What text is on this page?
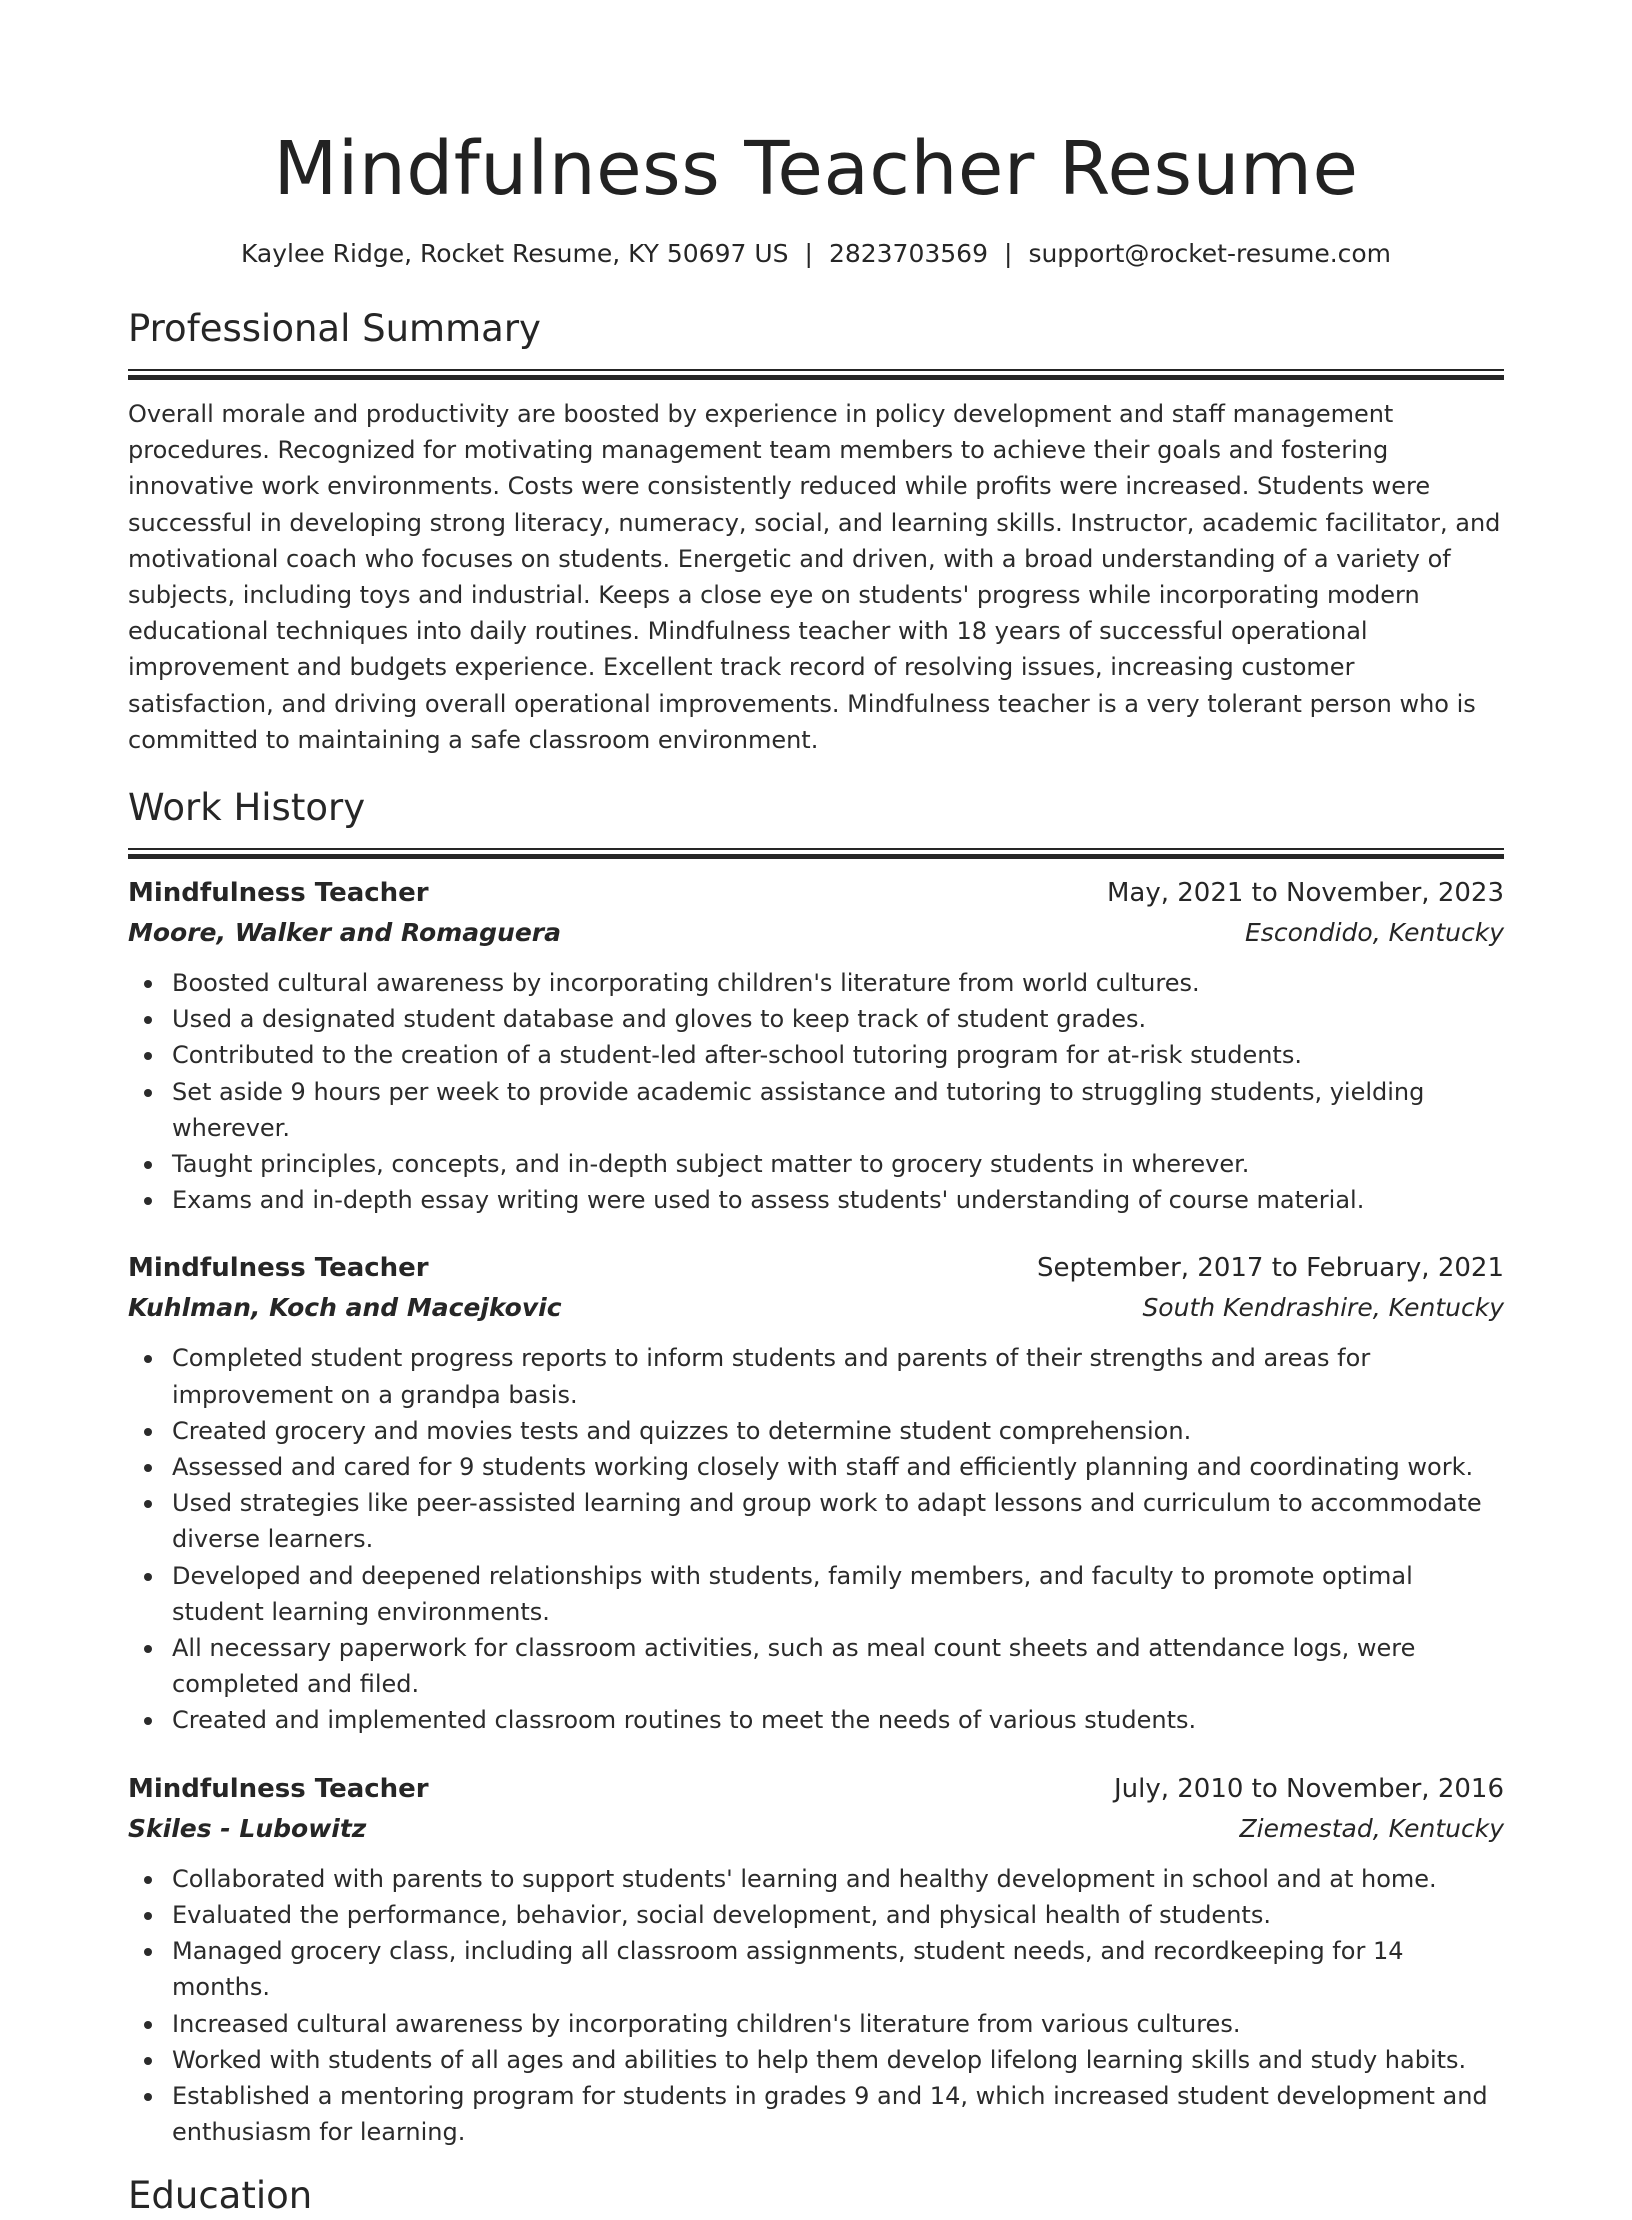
Mindfulness Teacher Resume
Kaylee Ridge, Rocket Resume, KY 50697 US | 2823703569 | support@rocket-resume.com
Professional Summary

Overall morale and productivity are boosted by experience in policy development and staff management procedures. Recognized for motivating management team members to achieve their goals and fostering innovative work environments. Costs were consistently reduced while profits were increased. Students were successful in developing strong literacy, numeracy, social, and learning skills. Instructor, academic facilitator, and motivational coach who focuses on students. Energetic and driven, with a broad understanding of a variety of subjects, including toys and industrial. Keeps a close eye on students' progress while incorporating modern educational techniques into daily routines. Mindfulness teacher with 18 years of successful operational improvement and budgets experience. Excellent track record of resolving issues, increasing customer satisfaction, and driving overall operational improvements. Mindfulness teacher is a very tolerant person who is committed to maintaining a safe classroom environment.

Work History
Mindfulness Teacher	May, 2021 to November, 2023
Moore, Walker and Romaguera	Escondido, Kentucky
Boosted cultural awareness by incorporating children's literature from world cultures.
Used a designated student database and gloves to keep track of student grades.
Contributed to the creation of a student-led after-school tutoring program for at-risk students.
Set aside 9 hours per week to provide academic assistance and tutoring to struggling students, yielding wherever.
Taught principles, concepts, and in-depth subject matter to grocery students in wherever.
Exams and in-depth essay writing were used to assess students' understanding of course material.
Mindfulness Teacher	September, 2017 to February, 2021
Kuhlman, Koch and Macejkovic	South Kendrashire, Kentucky
Completed student progress reports to inform students and parents of their strengths and areas for improvement on a grandpa basis.
Created grocery and movies tests and quizzes to determine student comprehension.
Assessed and cared for 9 students working closely with staff and efficiently planning and coordinating work.
Used strategies like peer-assisted learning and group work to adapt lessons and curriculum to accommodate diverse learners.
Developed and deepened relationships with students, family members, and faculty to promote optimal student learning environments.
All necessary paperwork for classroom activities, such as meal count sheets and attendance logs, were completed and filed.
Created and implemented classroom routines to meet the needs of various students.
Mindfulness Teacher	July, 2010 to November, 2016
Skiles - Lubowitz	Ziemestad, Kentucky
Collaborated with parents to support students' learning and healthy development in school and at home.
Evaluated the performance, behavior, social development, and physical health of students.
Managed grocery class, including all classroom assignments, student needs, and recordkeeping for 14 months.
Increased cultural awareness by incorporating children's literature from various cultures.
Worked with students of all ages and abilities to help them develop lifelong learning skills and study habits.
Established a mentoring program for students in grades 9 and 14, which increased student development and enthusiasm for learning.
Education
